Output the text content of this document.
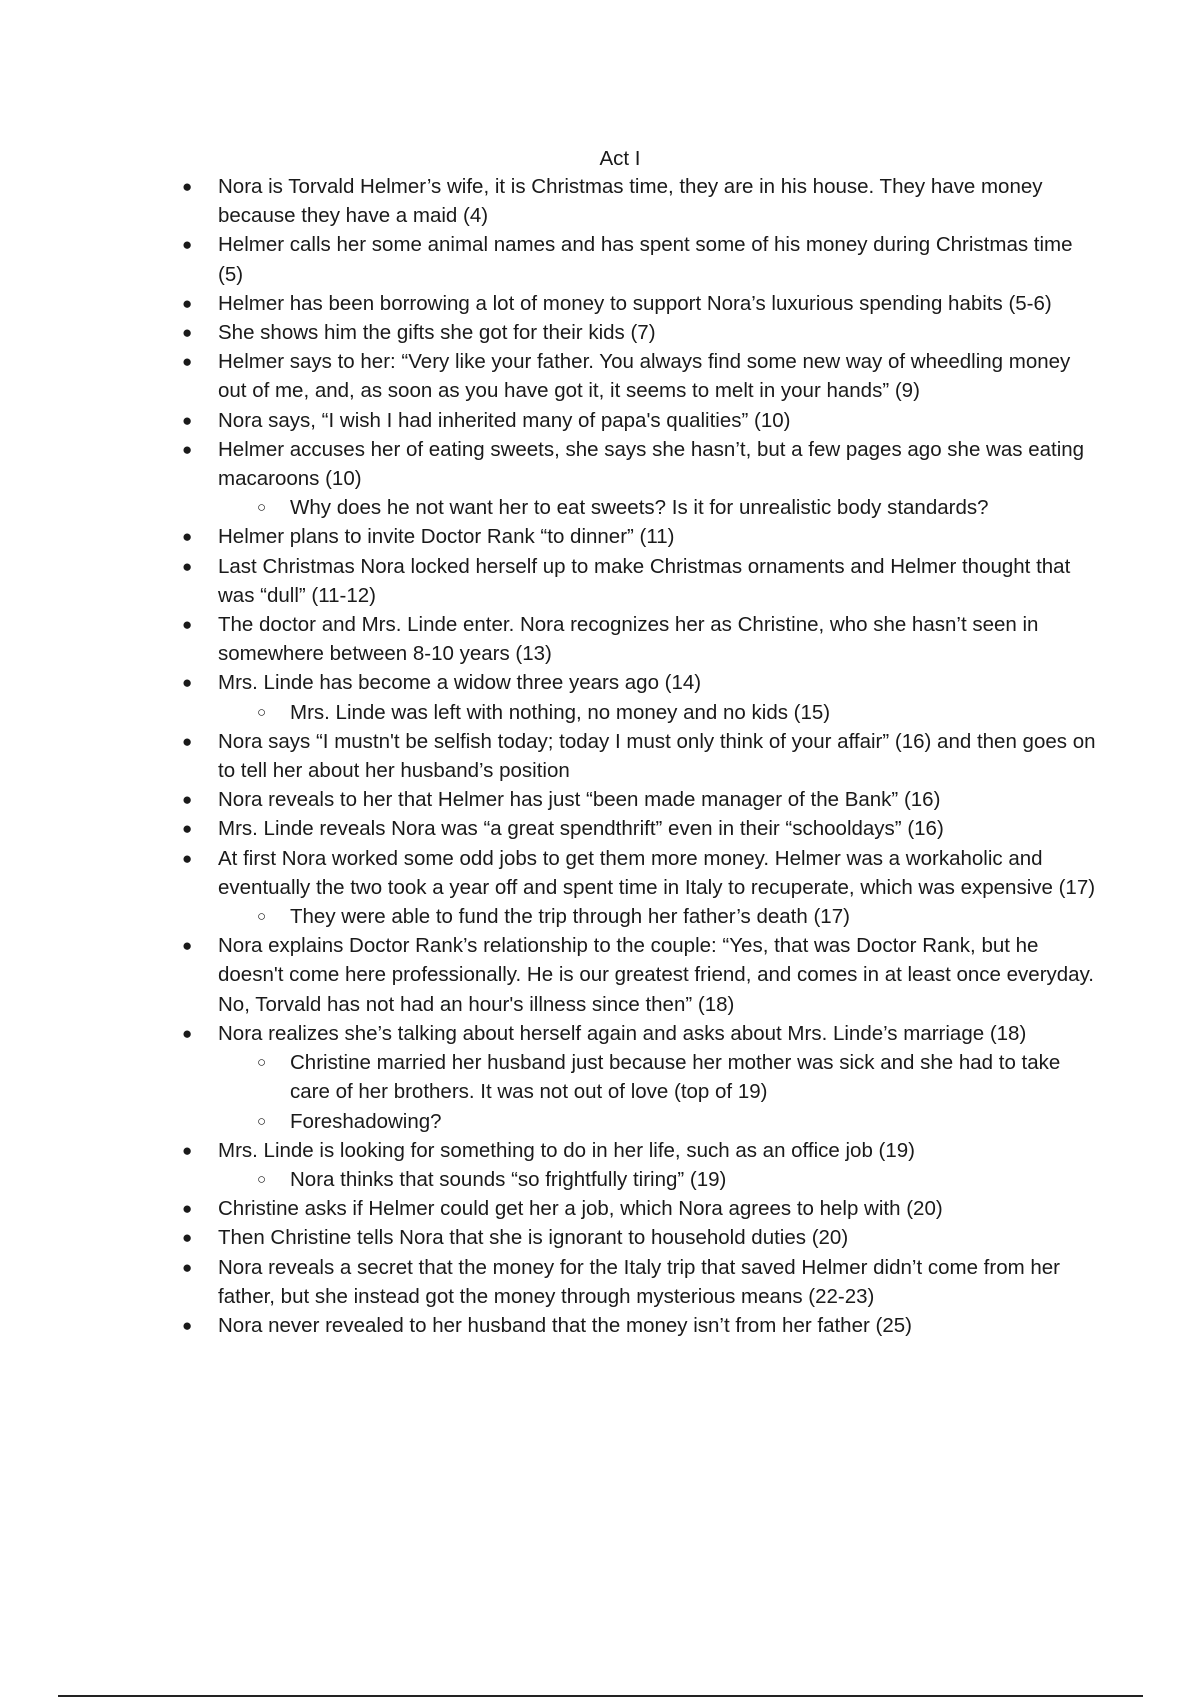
Act I
●	Nora is Torvald Helmer’s wife, it is Christmas time, they are in his house. They have money because they have a maid (4)
●	Helmer calls her some animal names and has spent some of his money during Christmas time (5)
●	Helmer has been borrowing a lot of money to support Nora’s luxurious spending habits (5-6)
●	She shows him the gifts she got for their kids (7)
●	Helmer says to her: “Very like your father. You always find some new way of wheedling money out of me, and, as soon as you have got it, it seems to melt in your hands” (9)
●	Nora says, “I wish I had inherited many of papa's qualities” (10)
●	Helmer accuses her of eating sweets, she says she hasn’t, but a few pages ago she was eating macaroons (10)
○ Why does he not want her to eat sweets? Is it for unrealistic body standards?
●	Helmer plans to invite Doctor Rank “to dinner” (11)
●	Last Christmas Nora locked herself up to make Christmas ornaments and Helmer thought that was “dull” (11-12)
●	The doctor and Mrs. Linde enter. Nora recognizes her as Christine, who she hasn’t seen in somewhere between 8-10 years (13)
●	Mrs. Linde has become a widow three years ago (14)
○ Mrs. Linde was left with nothing, no money and no kids (15)
●	Nora says “I mustn't be selfish today; today I must only think of your affair” (16) and then goes on to tell her about her husband’s position
●	Nora reveals to her that Helmer has just “been made manager of the Bank” (16)
●	Mrs. Linde reveals Nora was “a great spendthrift” even in their “schooldays” (16)
●	At first Nora worked some odd jobs to get them more money. Helmer was a workaholic and eventually the two took a year off and spent time in Italy to recuperate, which was expensive (17)
○ They were able to fund the trip through her father’s death (17)
●	Nora explains Doctor Rank’s relationship to the couple: “Yes, that was Doctor Rank, but he doesn't come here professionally. He is our greatest friend, and comes in at least once everyday. No, Torvald has not had an hour's illness since then” (18)
●	Nora realizes she’s talking about herself again and asks about Mrs. Linde’s marriage (18)
○ Christine married her husband just because her mother was sick and she had to take care of her brothers. It was not out of love (top of 19)
○ Foreshadowing?
●	Mrs. Linde is looking for something to do in her life, such as an office job (19)
○ Nora thinks that sounds “so frightfully tiring” (19)
●	Christine asks if Helmer could get her a job, which Nora agrees to help with (20)
●	Then Christine tells Nora that she is ignorant to household duties (20)
●	Nora reveals a secret that the money for the Italy trip that saved Helmer didn’t come from her father, but she instead got the money through mysterious means (22-23)
●	Nora never revealed to her husband that the money isn’t from her father (25)
